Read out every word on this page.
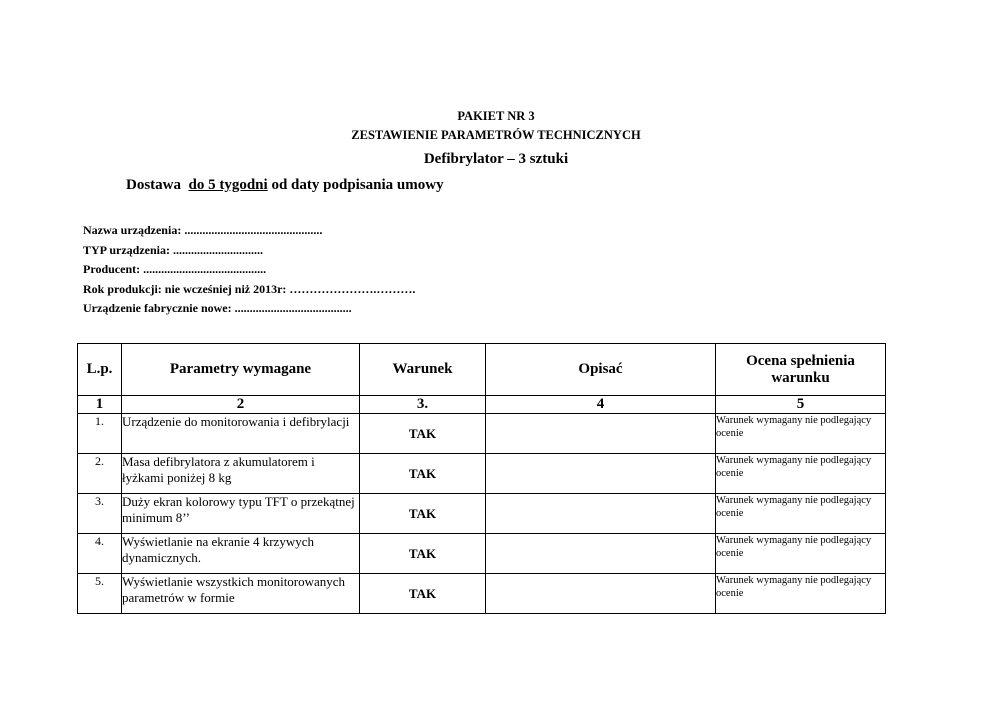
PAKIET NR 3
ZESTAWIENIE PARAMETRÓW TECHNICZNYCH
Defibrylator – 3 sztuki
Dostawa  do 5 tygodni od daty podpisania umowy
Nazwa urządzenia: ..............................................
TYP urządzenia: ..............................
Producent: .........................................
Rok produkcji: nie wcześniej niż 2013r: ………………….……….
Urządzenie fabrycznie nowe: .......................................
L.p.	Parametry wymagane	Warunek	Opisać	Ocena spełnienia warunku
1	2	3.	4	5
1.	Urządzenie do monitorowania i defibrylacji	TAK		Warunek wymagany nie podlegający ocenie
2.	Masa defibrylatora z akumulatorem i łyżkami poniżej 8 kg	TAK		Warunek wymagany nie podlegający ocenie
3.	Duży ekran kolorowy typu TFT o przekątnej minimum 8’’	TAK		Warunek wymagany nie podlegający ocenie
4.	Wyświetlanie na ekranie 4 krzywych dynamicznych.	TAK		Warunek wymagany nie podlegający ocenie
5.	Wyświetlanie wszystkich monitorowanych parametrów w formie	TAK		Warunek wymagany nie podlegający ocenie
